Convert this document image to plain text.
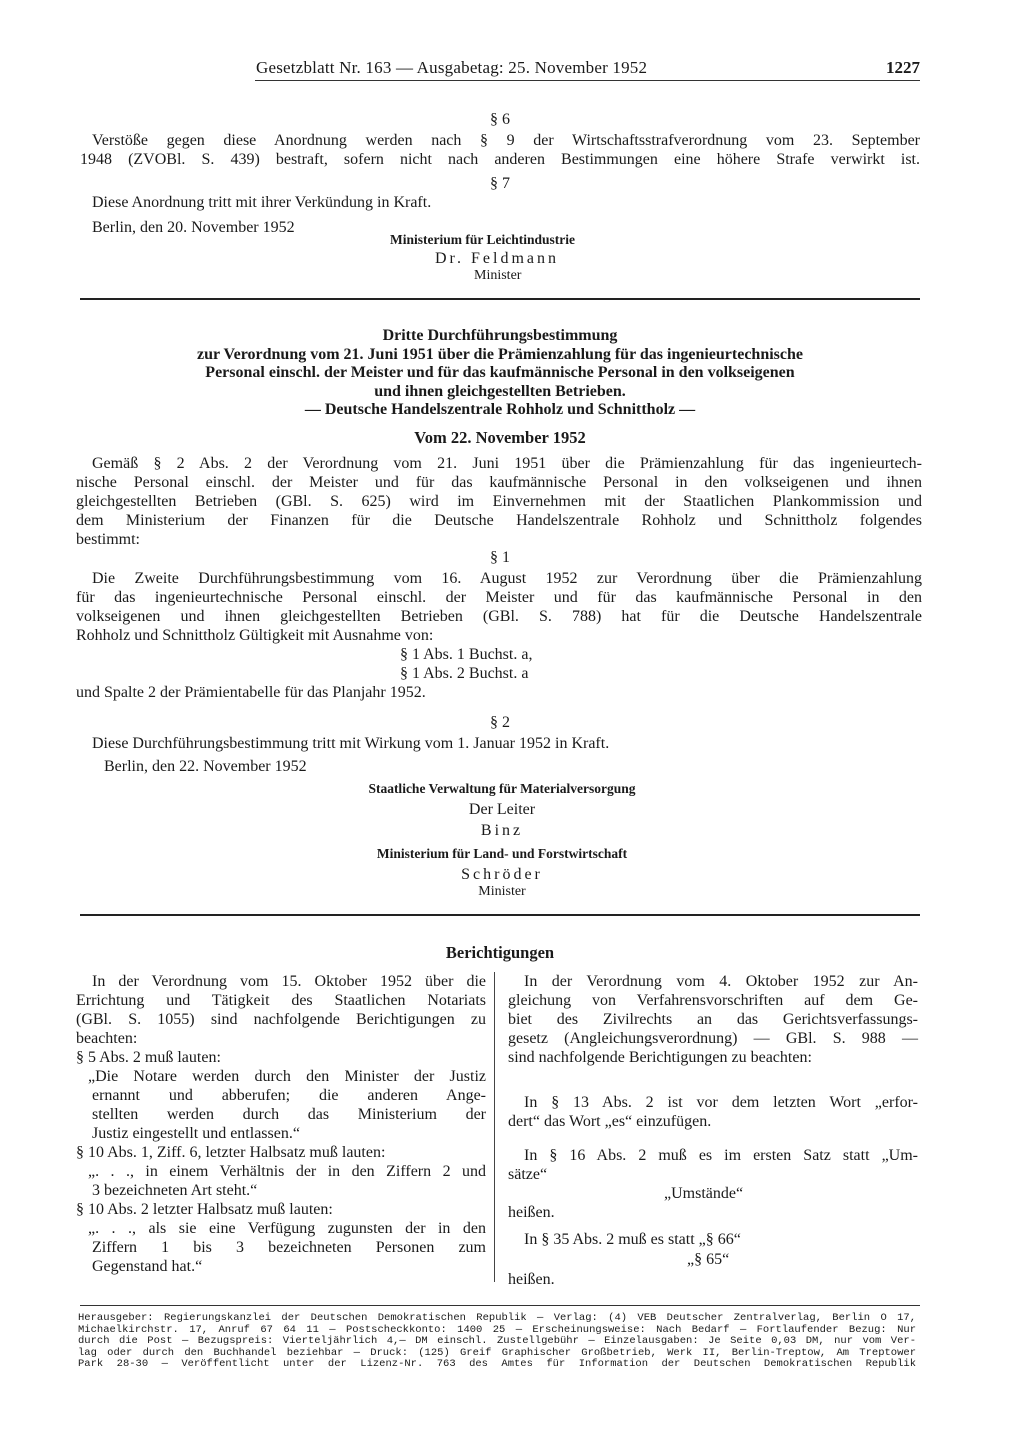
Gesetzblatt Nr. 163 — Ausgabetag: 25. November 1952	1227
§ 6
Verstöße gegen diese Anordnung werden nach § 9 der Wirtschaftsstrafverordnung vom 23. September
1948 (ZVOBl. S. 439) bestraft, sofern nicht nach anderen Bestimmungen eine höhere Strafe verwirkt ist.
§ 7
Diese Anordnung tritt mit ihrer Verkündung in Kraft.
Berlin, den 20. November 1952
Ministerium für Leichtindustrie
Dr. Feldmann
Minister
Dritte Durchführungsbestimmung
zur Verordnung vom 21. Juni 1951 über die Prämienzahlung für das ingenieurtechnische
Personal einschl. der Meister und für das kaufmännische Personal in den volkseigenen
und ihnen gleichgestellten Betrieben.
— Deutsche Handelszentrale Rohholz und Schnittholz —
Vom 22. November 1952
Gemäß § 2 Abs. 2 der Verordnung vom 21. Juni 1951 über die Prämienzahlung für das ingenieurtech-
nische Personal einschl. der Meister und für das kaufmännische Personal in den volkseigenen und ihnen
gleichgestellten Betrieben (GBl. S. 625) wird im Einvernehmen mit der Staatlichen Plankommission und
dem Ministerium der Finanzen für die Deutsche Handelszentrale Rohholz und Schnittholz folgendes
bestimmt:
§ 1
Die Zweite Durchführungsbestimmung vom 16. August 1952 zur Verordnung über die Prämienzahlung
für das ingenieurtechnische Personal einschl. der Meister und für das kaufmännische Personal in den
volkseigenen und ihnen gleichgestellten Betrieben (GBl. S. 788) hat für die Deutsche Handelszentrale
Rohholz und Schnittholz Gültigkeit mit Ausnahme von:
§ 1 Abs. 1 Buchst. a,
§ 1 Abs. 2 Buchst. a
und Spalte 2 der Prämientabelle für das Planjahr 1952.
§ 2
Diese Durchführungsbestimmung tritt mit Wirkung vom 1. Januar 1952 in Kraft.
Berlin, den 22. November 1952
Staatliche Verwaltung für Materialversorgung
Der Leiter
Binz
Ministerium für Land- und Forstwirtschaft
Schröder
Minister
Berichtigungen
In der Verordnung vom 15. Oktober 1952 über die
Errichtung und Tätigkeit des Staatlichen Notariats
(GBl. S. 1055) sind nachfolgende Berichtigungen zu
beachten:
§ 5 Abs. 2 muß lauten:
„Die Notare werden durch den Minister der Justiz
ernannt und abberufen; die anderen Ange-
stellten werden durch das Ministerium der
Justiz eingestellt und entlassen.“
§ 10 Abs. 1, Ziff. 6, letzter Halbsatz muß lauten:
„. . ., in einem Verhältnis der in den Ziffern 2 und
3 bezeichneten Art steht.“
§ 10 Abs. 2 letzter Halbsatz muß lauten:
„. . ., als sie eine Verfügung zugunsten der in den
Ziffern 1 bis 3 bezeichneten Personen zum
Gegenstand hat.“
In der Verordnung vom 4. Oktober 1952 zur An-
gleichung von Verfahrensvorschriften auf dem Ge-
biet des Zivilrechts an das Gerichtsverfassungs-
gesetz (Angleichungsverordnung) — GBl. S. 988 —
sind nachfolgende Berichtigungen zu beachten:
In § 13 Abs. 2 ist vor dem letzten Wort „erfor-
dert“ das Wort „es“ einzufügen.
In § 16 Abs. 2 muß es im ersten Satz statt „Um-
sätze“
„Umstände“
heißen.
In § 35 Abs. 2 muß es statt „§ 66“
„§ 65“
heißen.
Herausgeber: Regierungskanzlei der Deutschen Demokratischen Republik — Verlag: (4) VEB Deutscher Zentralverlag, Berlin O 17,
Michaelkirchstr. 17, Anruf 67 64 11 — Postscheckkonto: 1400 25 — Erscheinungsweise: Nach Bedarf — Fortlaufender Bezug: Nur
durch die Post — Bezugspreis: Vierteljährlich 4,— DM einschl. Zustellgebühr — Einzelausgaben: Je Seite 0,03 DM, nur vom Ver-
lag oder durch den Buchhandel beziehbar — Druck: (125) Greif Graphischer Großbetrieb, Werk II, Berlin-Treptow, Am Treptower
Park 28-30 — Veröffentlicht unter der Lizenz-Nr. 763 des Amtes für Information der Deutschen Demokratischen Republik
